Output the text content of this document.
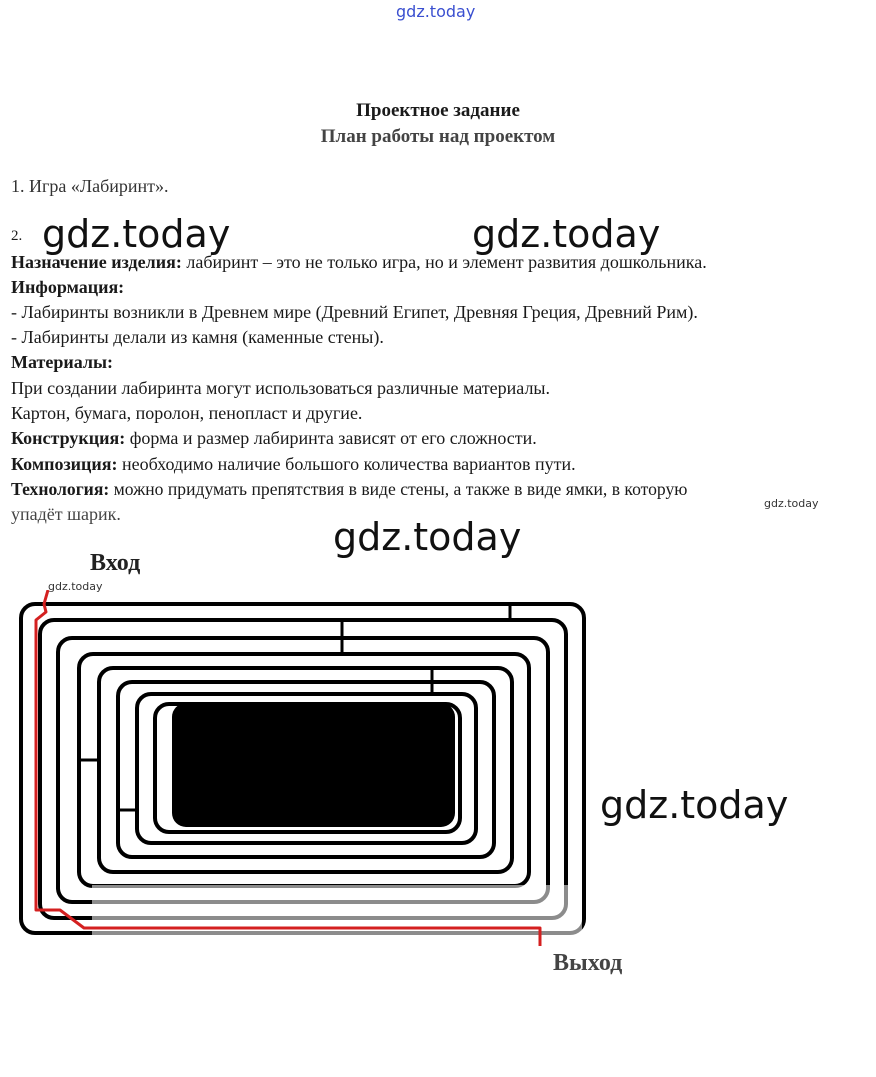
gdz.today
gdz.today	gdz.today
gdz.today
gdz.today
gdz.today
gdz.today
Проектное задание
План работы над проектом
1. Игра «Лабиринт».
2.
Назначение изделия: лабиринт – это не только игра, но и элемент развития дошкольника.
Информация:
- Лабиринты возникли в Древнем мире (Древний Египет, Древняя Греция, Древний Рим).
- Лабиринты делали из камня (каменные стены).
Материалы:
При создании лабиринта могут использоваться различные материалы.
Картон, бумага, поролон, пенопласт и другие.
Конструкция: форма и размер лабиринта зависят от его сложности.
Композиция: необходимо наличие большого количества вариантов пути.
Технология: можно придумать препятствия в виде стены, а также в виде ямки, в которую
упадёт шарик.
Вход
Выход
